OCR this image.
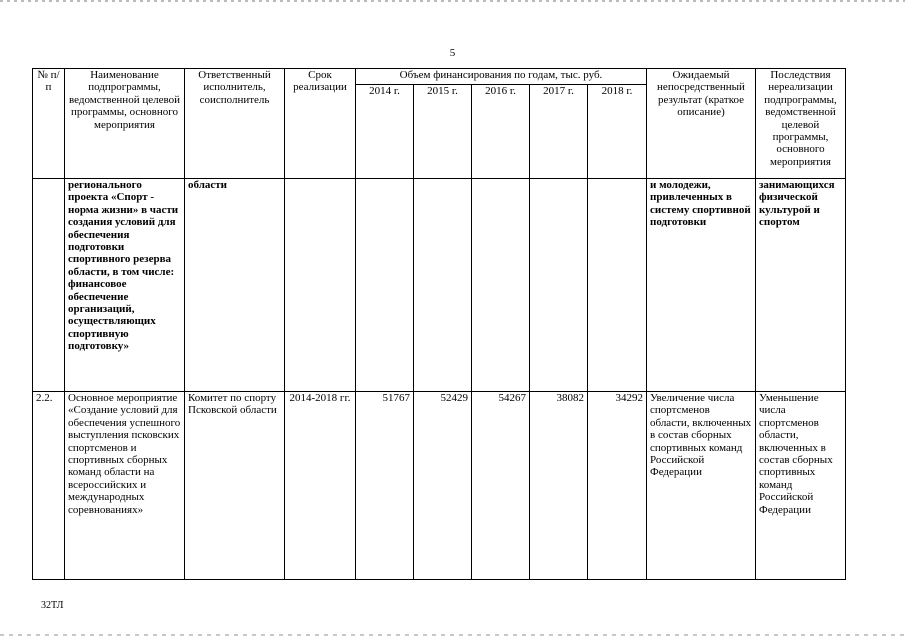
5
№ п/п	Наименование подпрограммы, ведомственной целевой программы, основного мероприятия	Ответственный исполнитель, соисполнитель	Срок реализации	Объем финансирования по годам, тыс. руб.					Ожидаемый непосредственный результат (краткое описание)	Последствия нереализации подпрограммы, ведомственной целевой программы, основного мероприятия
				2014 г.	2015 г.	2016 г.	2017 г.	2018 г.		
	регионального проекта «Спорт - норма жизни» в части создания условий для обеспечения подготовки спортивного резерва области, в том числе: финансовое обеспечение организаций, осуществляющих спортивную подготовку»	области							и молодежи, привлеченных в систему спортивной подготовки	занимающихся физической культурой и спортом
2.2.	Основное мероприятие «Создание условий для обеспечения успешного выступления псковских спортсменов и спортивных сборных команд области на всероссийских и международных соревнованиях»	Комитет по спорту Псковской области	2014-2018 гг.	51767	52429	54267	38082	34292	Увеличение числа спортсменов области, включенных в состав сборных спортивных команд Российской Федерации	Уменьшение числа спортсменов области, включенных в состав сборных спортивных команд Российской Федерации
32ТЛ
